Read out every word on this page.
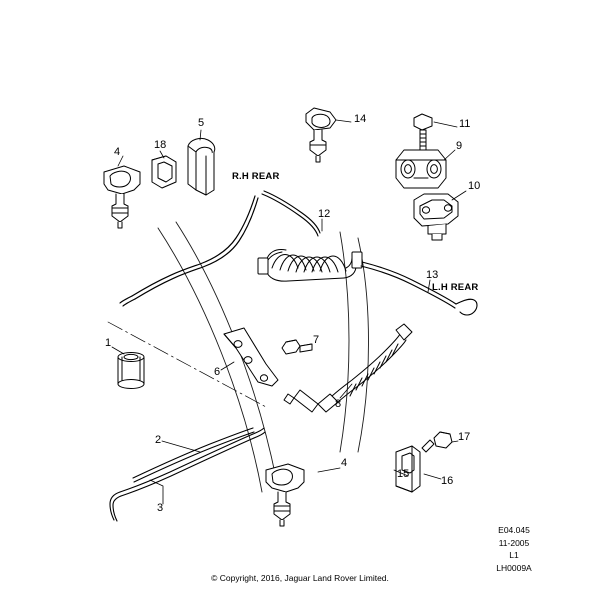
R.H REAR
L.H REAR
1
2
3
4
4
5
6
7
8
9
10
11
12
13
14
15
16
17
18
E04.045
11-2005
L1
LH0009A
© Copyright, 2016, Jaguar Land Rover Limited.
